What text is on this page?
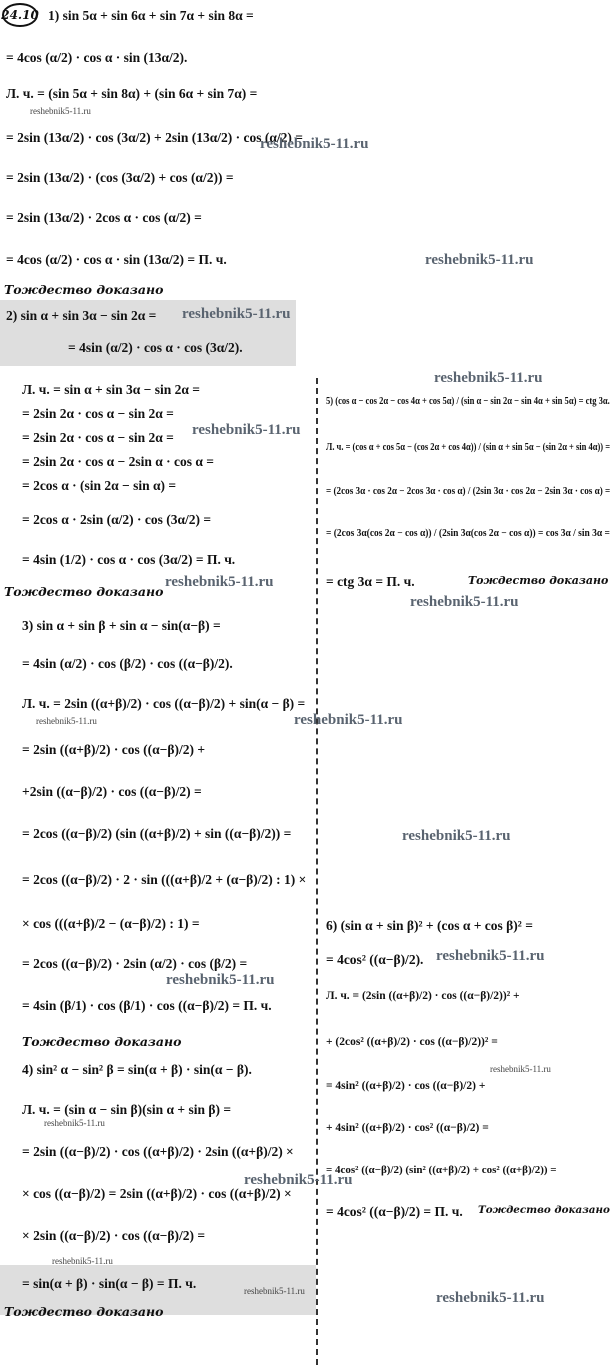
24.10 1) sin 5α + sin 6α + sin 7α + sin 8α =
= 4cos (α/2) · cos α · sin (13α/2).
Л. ч. = (sin 5α + sin 8α) + (sin 6α + sin 7α) =
reshebnik5-11.ru
= 2sin (13α/2) · cos (3α/2) + 2sin (13α/2) · cos (α/2) =
reshebnik5-11.ru
= 2sin (13α/2) · (cos (3α/2) + cos (α/2)) =
= 2sin (13α/2) · 2cos α · cos (α/2) =
= 4cos (α/2) · cos α · sin (13α/2) = П. ч.	reshebnik5-11.ru
Тождество доказано
2) sin α + sin 3α − sin 2α = reshebnik5-11.ru
= 4sin (α/2) · cos α · cos (3α/2).
Л. ч. = sin α + sin 3α − sin 2α =
= 2sin 2α · cos α − sin 2α =
= 2sin 2α · cos α − sin 2α = reshebnik5-11.ru
= 2sin 2α · cos α − 2sin α · cos α =
= 2cos α · (sin 2α − sin α) =
= 2cos α · 2sin (α/2) · cos (3α/2) =
= 4sin (1/2) · cos α · cos (3α/2) = П. ч.
reshebnik5-11.ru
Тождество доказано
3) sin α + sin β + sin α − sin(α−β) =
= 4sin (α/2) · cos (β/2) · cos ((α−β)/2).
Л. ч. = 2sin ((α+β)/2) · cos ((α−β)/2) + sin(α − β) =
reshebnik5-11.ru	reshebnik5-11.ru
= 2sin ((α+β)/2) · cos ((α−β)/2) +
+2sin ((α−β)/2) · cos ((α−β)/2) =
= 2cos ((α−β)/2) (sin ((α+β)/2) + sin ((α−β)/2)) =	reshebnik5-11.ru
= 2cos ((α−β)/2) · 2 · sin (((α+β)/2 + (α−β)/2) : 1) ×
× cos (((α+β)/2 − (α−β)/2) : 1) =
= 2cos ((α−β)/2) · 2sin (α/2) · cos (β/2) =
reshebnik5-11.ru
= 4sin (β/1) · cos (β/1) · cos ((α−β)/2) = П. ч.
Тождество доказано
4) sin² α − sin² β = sin(α + β) · sin(α − β).
Л. ч. = (sin α − sin β)(sin α + sin β) =
reshebnik5-11.ru
= 2sin ((α−β)/2) · cos ((α+β)/2) · 2sin ((α+β)/2) ×
× cos ((α−β)/2) = 2sin ((α+β)/2) · cos ((α+β)/2) ×
reshebnik5-11.ru
× 2sin ((α−β)/2) · cos ((α−β)/2) =
reshebnik5-11.ru
= sin(α + β) · sin(α − β) = П. ч.	reshebnik5-11.ru
Тождество доказано
reshebnik5-11.ru
5) (cos α − cos 2α − cos 4α + cos 5α) / (sin α − sin 2α − sin 4α + sin 5α) = ctg 3α.
Л. ч. = (cos α + cos 5α − (cos 2α + cos 4α)) / (sin α + sin 5α − (sin 2α + sin 4α)) =
= (2cos 3α · cos 2α − 2cos 3α · cos α) / (2sin 3α · cos 2α − 2sin 3α · cos α) =
= (2cos 3α(cos 2α − cos α)) / (2sin 3α(cos 2α − cos α)) = cos 3α / sin 3α =
= ctg 3α = П. ч.	Тождество доказано
reshebnik5-11.ru
6) (sin α + sin β)² + (cos α + cos β)² =
= 4cos² ((α−β)/2). reshebnik5-11.ru
Л. ч. = (2sin ((α+β)/2) · cos ((α−β)/2))² +
+ (2cos² ((α+β)/2) · cos ((α−β)/2))² =
reshebnik5-11.ru
= 4sin² ((α+β)/2) · cos ((α−β)/2) +
+ 4sin² ((α+β)/2) · cos² ((α−β)/2) =
= 4cos² ((α−β)/2) (sin² ((α+β)/2) + cos² ((α+β)/2)) =
= 4cos² ((α−β)/2) = П. ч. Тождество доказано
reshebnik5-11.ru
